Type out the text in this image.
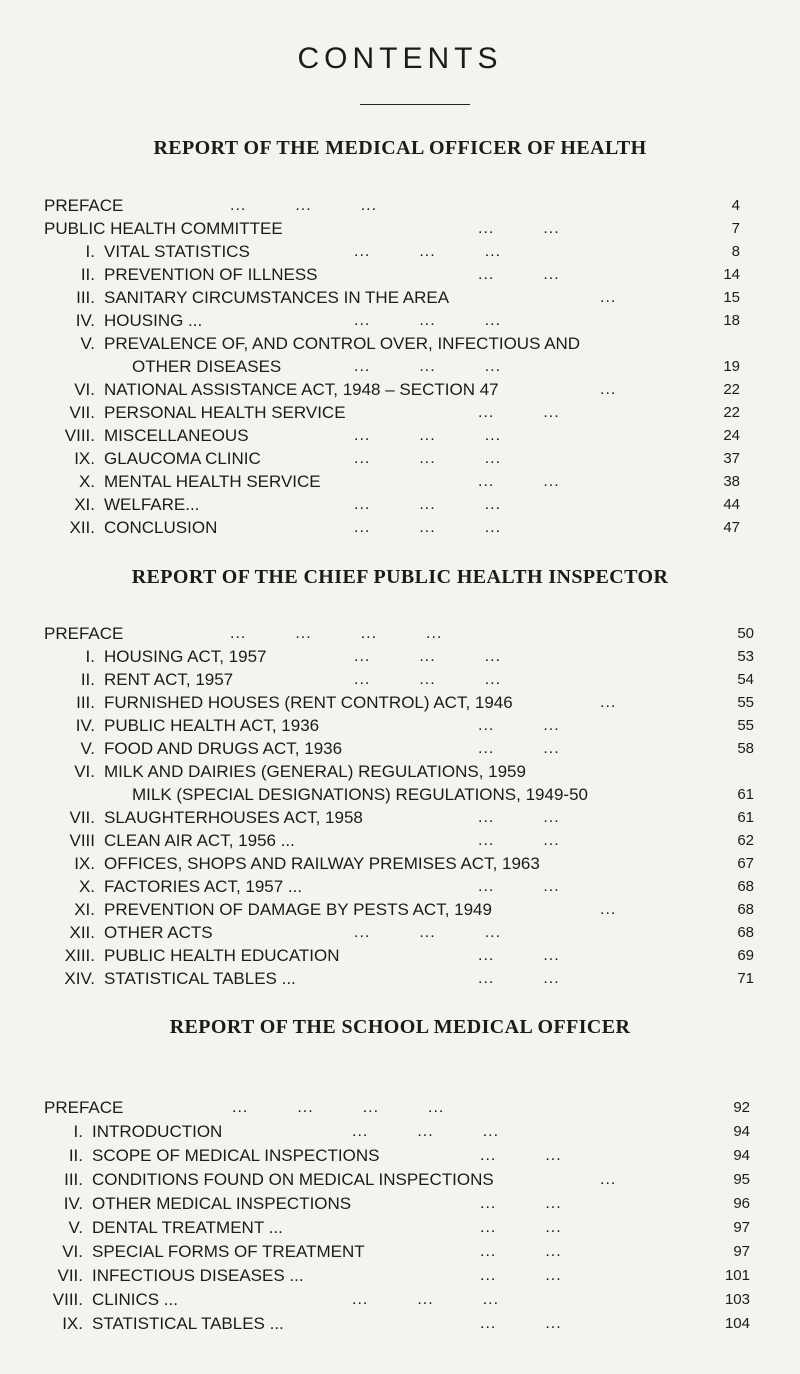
CONTENTS
REPORT OF THE MEDICAL OFFICER OF HEALTH
PREFACE	...         ...         ...	4
PUBLIC HEALTH COMMITTEE	...         ...	7
I. VITAL STATISTICS	...         ...         ...	8
II. PREVENTION OF ILLNESS	...         ...	14
III. SANITARY CIRCUMSTANCES IN THE AREA	...	15
IV. HOUSING ...	...         ...         ...	18
V. PREVALENCE OF, AND CONTROL OVER, INFECTIOUS AND
OTHER DISEASES	...         ...         ...	19
VI. NATIONAL ASSISTANCE ACT, 1948 – SECTION 47	...	22
VII. PERSONAL HEALTH SERVICE	...         ...	22
VIII. MISCELLANEOUS	...         ...         ...	24
IX. GLAUCOMA CLINIC	...         ...         ...	37
X. MENTAL HEALTH SERVICE	...         ...	38
XI. WELFARE...	...         ...         ...	44
XII. CONCLUSION	...         ...         ...	47
REPORT OF THE CHIEF PUBLIC HEALTH INSPECTOR
PREFACE	...         ...         ...         ...	50
I. HOUSING ACT, 1957	...         ...         ...	53
II. RENT ACT, 1957	...         ...         ...	54
III. FURNISHED HOUSES (RENT CONTROL) ACT, 1946	...	55
IV. PUBLIC HEALTH ACT, 1936	...         ...	55
V. FOOD AND DRUGS ACT, 1936	...         ...	58
VI. MILK AND DAIRIES (GENERAL) REGULATIONS, 1959
MILK (SPECIAL DESIGNATIONS) REGULATIONS, 1949-50	61
VII. SLAUGHTERHOUSES ACT, 1958	...         ...	61
VIII CLEAN AIR ACT, 1956 ...	...         ...	62
IX. OFFICES, SHOPS AND RAILWAY PREMISES ACT, 1963	67
X. FACTORIES ACT, 1957 ...	...         ...	68
XI. PREVENTION OF DAMAGE BY PESTS ACT, 1949	...	68
XII. OTHER ACTS	...         ...         ...	68
XIII. PUBLIC HEALTH EDUCATION	...         ...	69
XIV. STATISTICAL TABLES ...	...         ...	71
REPORT OF THE SCHOOL MEDICAL OFFICER
PREFACE	...         ...         ...         ...	92
I. INTRODUCTION	...         ...         ...	94
II. SCOPE OF MEDICAL INSPECTIONS	...         ...	94
III. CONDITIONS FOUND ON MEDICAL INSPECTIONS	...	95
IV. OTHER MEDICAL INSPECTIONS	...         ...	96
V. DENTAL TREATMENT ...	...         ...	97
VI. SPECIAL FORMS OF TREATMENT	...         ...	97
VII. INFECTIOUS DISEASES ...	...         ...	101
VIII. CLINICS ...	...         ...         ...	103
IX. STATISTICAL TABLES ...	...         ...	104
